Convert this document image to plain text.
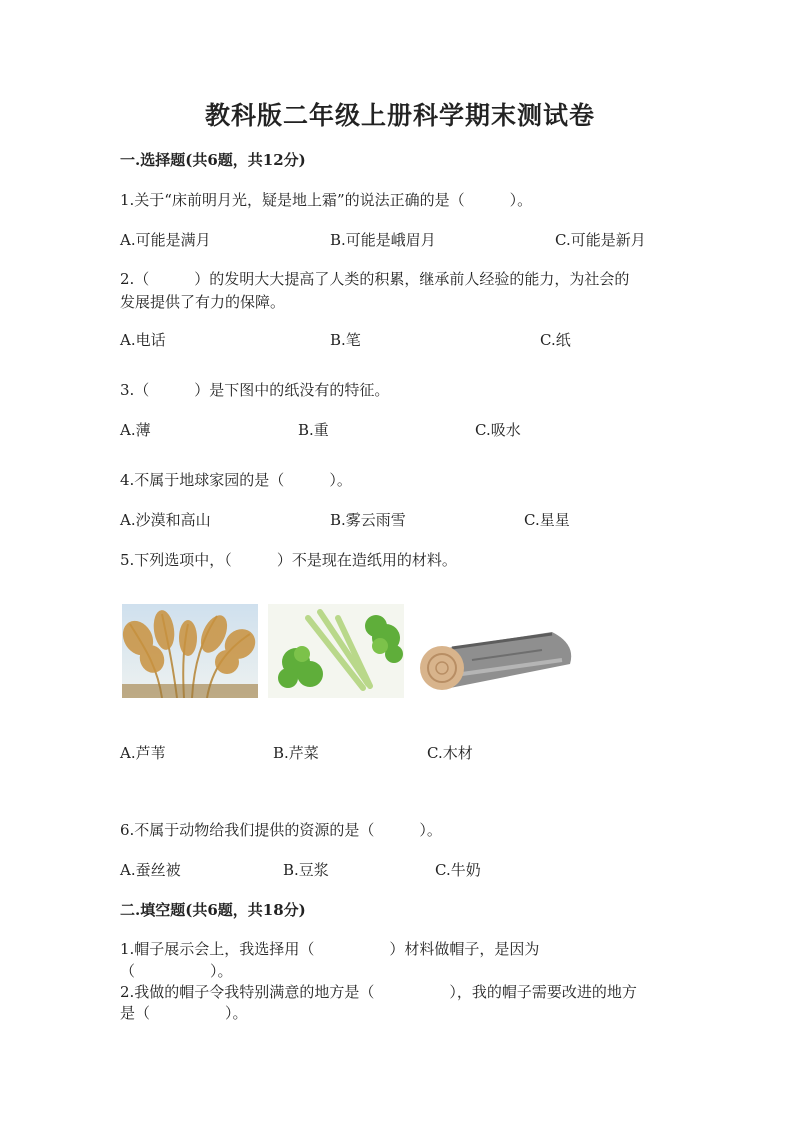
教科版二年级上册科学期末测试卷
一.选择题(共6题，共12分)
1.关于“床前明月光，疑是地上霜”的说法正确的是（　　　）。
A.可能是满月	B.可能是峨眉月	C.可能是新月
2.（　　　）的发明大大提高了人类的积累，继承前人经验的能力，为社会的
发展提供了有力的保障。
A.电话	B.笔	C.纸
3.（　　　）是下图中的纸没有的特征。
A.薄	B.重	C.吸水
4.不属于地球家园的是（　　　）。
A.沙漠和高山	B.雾云雨雪	C.星星
5.下列选项中，（　　　）不是现在造纸用的材料。
A.芦苇	B.芹菜	C.木材
6.不属于动物给我们提供的资源的是（　　　）。
A.蚕丝被	B.豆浆	C.牛奶
二.填空题(共6题，共18分)
1.帽子展示会上，我选择用（　　　　　）材料做帽子，是因为
（　　　　　）。
2.我做的帽子令我特别满意的地方是（　　　　　），我的帽子需要改进的地方
是（　　　　　）。
